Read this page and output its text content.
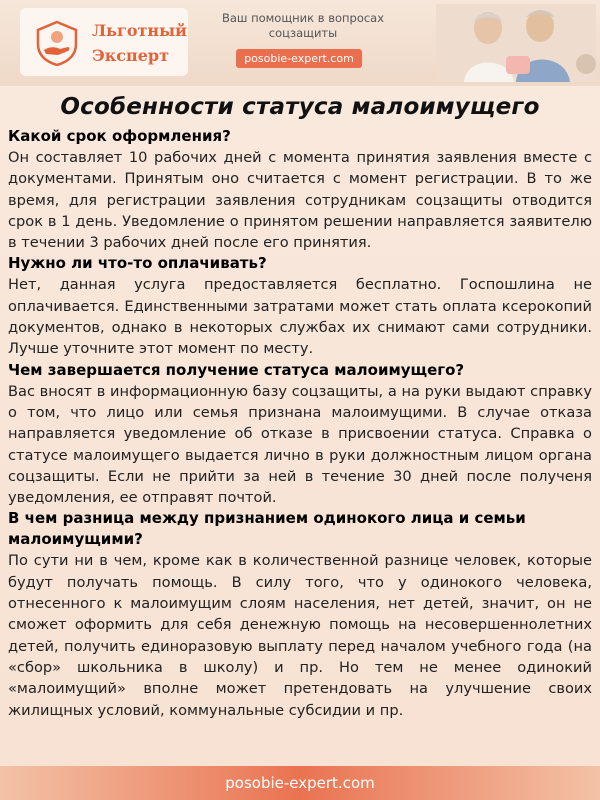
Льготный
Эксперт
Ваш помощник в вопросах соцзащиты
posobie-expert.com
Особенности статуса малоимущего
Какой срок оформления?
Он составляет 10 рабочих дней с момента принятия заявления вместе с документами. Принятым оно считается с момент регистрации. В то же время, для регистрации заявления сотрудникам соцзащиты отводится срок в 1 день. Уведомление о принятом решении направляется заявителю в течении 3 рабочих дней после его принятия.
Нужно ли что-то оплачивать?
Нет, данная услуга предоставляется бесплатно. Госпошлина не оплачивается. Единственными затратами может стать оплата ксерокопий документов, однако в некоторых службах их снимают сами сотрудники. Лучше уточните этот момент по месту.
Чем завершается получение статуса малоимущего?
Вас вносят в информационную базу соцзащиты, а на руки выдают справку о том, что лицо или семья признана малоимущими. В случае отказа направляется уведомление об отказе в присвоении статуса. Справка о статусе малоимущего выдается лично в руки должностным лицом органа соцзащиты. Если не прийти за ней в течение 30 дней после полученя уведомления, ее отправят почтой.
В чем разница между признанием одинокого лица и семьи малоимущими?
По сути ни в чем, кроме как в количественной разнице человек, которые будут получать помощь. В силу того, что у одинокого человека, отнесенного к малоимущим слоям населения, нет детей, значит, он не сможет оформить для себя денежную помощь на несовершеннолетних детей, получить единоразовую выплату перед началом учебного года (на «сбор» школьника в школу) и пр. Но тем не менее одинокий «малоимущий» вполне может претендовать на улучшение своих жилищных условий, коммунальные субсидии и пр.
posobie-expert.com
